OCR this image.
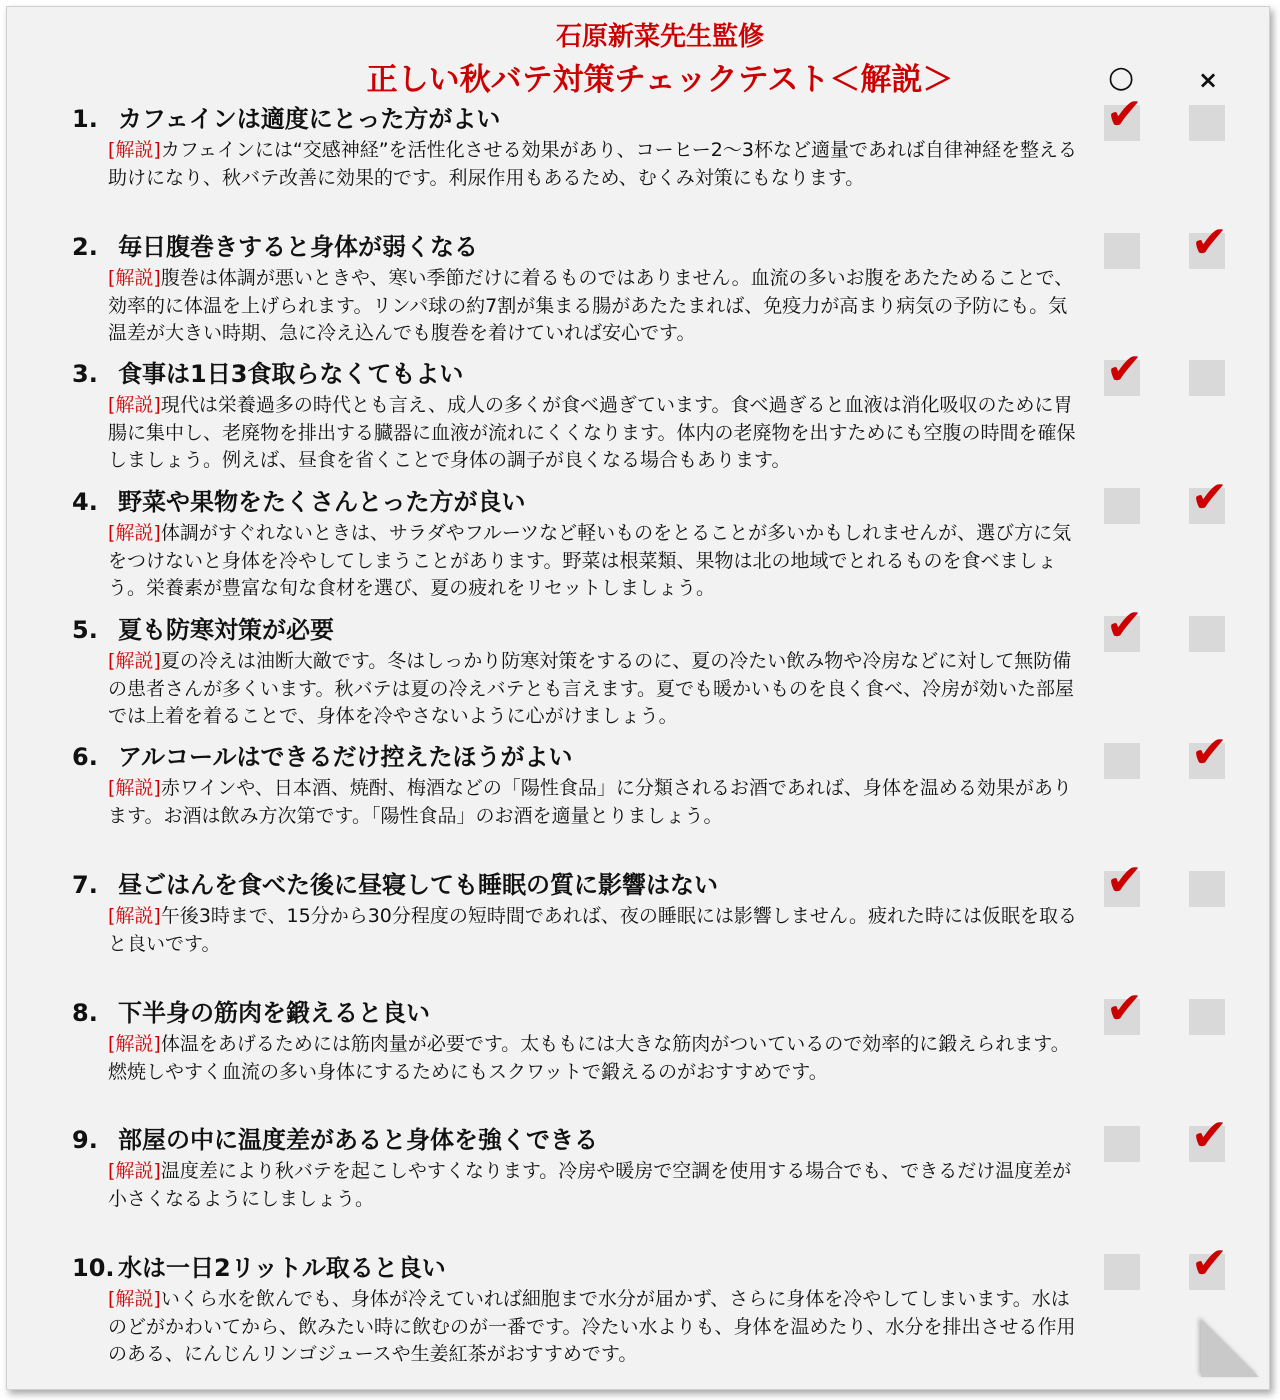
石原新菜先生監修
正しい秋バテ対策チェックテスト＜解説＞	○	×
1. カフェインは適度にとった方がよい
[解説]カフェインには“交感神経”を活性化させる効果があり、コーヒー2〜3杯など適量であれば自律神経を整える助けになり、秋バテ改善に効果的です。利尿作用もあるため、むくみ対策にもなります。
2. 毎日腹巻きすると身体が弱くなる
[解説]腹巻は体調が悪いときや、寒い季節だけに着るものではありません。血流の多いお腹をあたためることで、効率的に体温を上げられます。リンパ球の約7割が集まる腸があたたまれば、免疫力が高まり病気の予防にも。気温差が大きい時期、急に冷え込んでも腹巻を着けていれば安心です。
3. 食事は1日3食取らなくてもよい
[解説]現代は栄養過多の時代とも言え、成人の多くが食べ過ぎています。食べ過ぎると血液は消化吸収のために胃腸に集中し、老廃物を排出する臓器に血液が流れにくくなります。体内の老廃物を出すためにも空腹の時間を確保しましょう。例えば、昼食を省くことで身体の調子が良くなる場合もあります。
4. 野菜や果物をたくさんとった方が良い
[解説]体調がすぐれないときは、サラダやフルーツなど軽いものをとることが多いかもしれませんが、選び方に気をつけないと身体を冷やしてしまうことがあります。野菜は根菜類、果物は北の地域でとれるものを食べましょう。栄養素が豊富な旬な食材を選び、夏の疲れをリセットしましょう。
5. 夏も防寒対策が必要
[解説]夏の冷えは油断大敵です。冬はしっかり防寒対策をするのに、夏の冷たい飲み物や冷房などに対して無防備の患者さんが多くいます。秋バテは夏の冷えバテとも言えます。夏でも暖かいものを良く食べ、冷房が効いた部屋では上着を着ることで、身体を冷やさないように心がけましょう。
6. アルコールはできるだけ控えたほうがよい
[解説]赤ワインや、日本酒、焼酎、梅酒などの「陽性食品」に分類されるお酒であれば、身体を温める効果があります。お酒は飲み方次第です。「陽性食品」のお酒を適量とりましょう。
7. 昼ごはんを食べた後に昼寝しても睡眠の質に影響はない
[解説]午後3時まで、15分から30分程度の短時間であれば、夜の睡眠には影響しません。疲れた時には仮眠を取ると良いです。
8. 下半身の筋肉を鍛えると良い
[解説]体温をあげるためには筋肉量が必要です。太ももには大きな筋肉がついているので効率的に鍛えられます。燃焼しやすく血流の多い身体にするためにもスクワットで鍛えるのがおすすめです。
9. 部屋の中に温度差があると身体を強くできる
[解説]温度差により秋バテを起こしやすくなります。冷房や暖房で空調を使用する場合でも、できるだけ温度差が小さくなるようにしましょう。
10. 水は一日2リットル取ると良い
[解説]いくら水を飲んでも、身体が冷えていれば細胞まで水分が届かず、さらに身体を冷やしてしまいます。水はのどがかわいてから、飲みたい時に飲むのが一番です。冷たい水よりも、身体を温めたり、水分を排出させる作用のある、にんじんリンゴジュースや生姜紅茶がおすすめです。
✔
✔
✔
✔
✔
✔
✔
✔
✔
✔
